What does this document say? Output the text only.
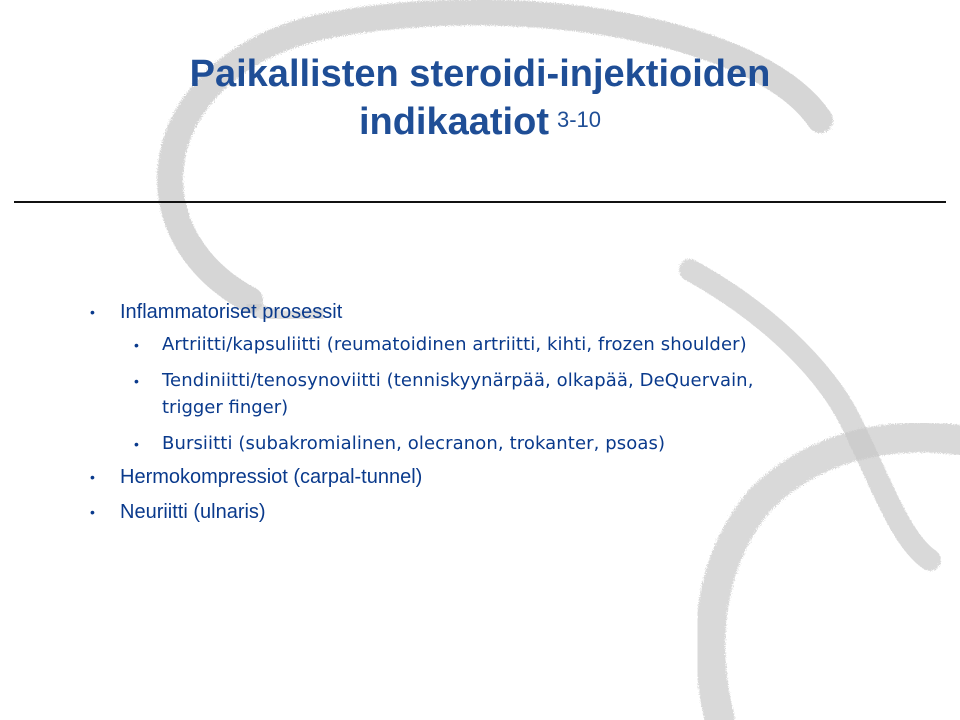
Paikallisten steroidi-injektioiden
indikaatiot $^{3-10}$
• Inflammatoriset prosessit
• Artriitti/kapsuliitti (reumatoidinen artriitti, kihti, frozen shoulder)
• Tendiniitti/tenosynoviitti (tenniskyynärpää, olkapää, DeQuervain,
trigger finger)
• Bursiitti (subakromialinen, olecranon, trokanter, psoas)
• Hermokompressiot (carpal-tunnel)
• Neuriitti (ulnaris)
